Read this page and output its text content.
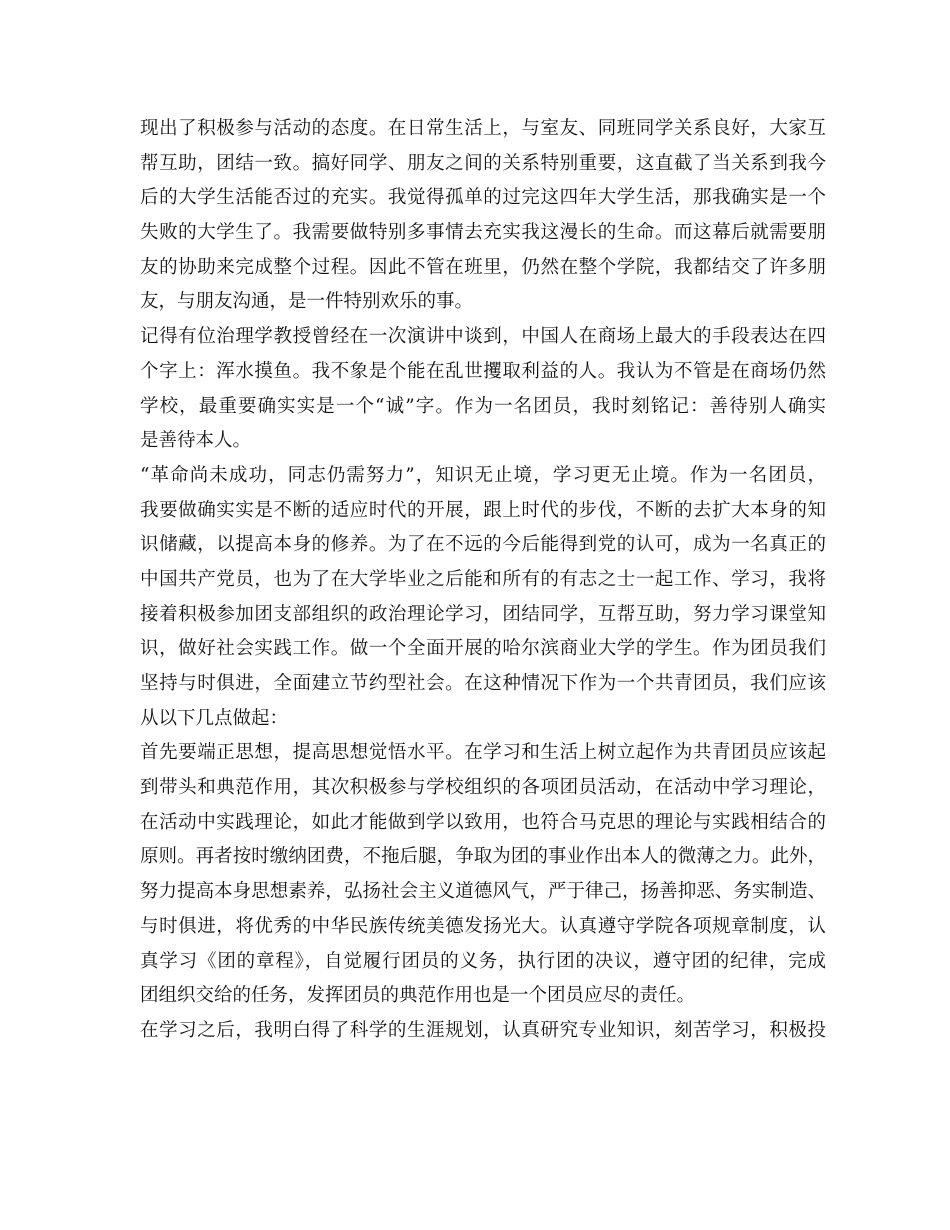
现出了积极参与活动的态度。在日常生活上，与室友、同班同学关系良好，大家互
帮互助，团结一致。搞好同学、朋友之间的关系特别重要，这直截了当关系到我今
后的大学生活能否过的充实。我觉得孤单的过完这四年大学生活，那我确实是一个
失败的大学生了。我需要做特别多事情去充实我这漫长的生命。而这幕后就需要朋
友的协助来完成整个过程。因此不管在班里，仍然在整个学院，我都结交了许多朋
友，与朋友沟通，是一件特别欢乐的事。
记得有位治理学教授曾经在一次演讲中谈到，中国人在商场上最大的手段表达在四
个字上：浑水摸鱼。我不象是个能在乱世攫取利益的人。我认为不管是在商场仍然
学校，最重要确实实是一个“诚”字。作为一名团员，我时刻铭记：善待别人确实
是善待本人。
“革命尚未成功，同志仍需努力”，知识无止境，学习更无止境。作为一名团员，
我要做确实实是不断的适应时代的开展，跟上时代的步伐，不断的去扩大本身的知
识储藏，以提高本身的修养。为了在不远的今后能得到党的认可，成为一名真正的
中国共产党员，也为了在大学毕业之后能和所有的有志之士一起工作、学习，我将
接着积极参加团支部组织的政治理论学习，团结同学，互帮互助，努力学习课堂知
识，做好社会实践工作。做一个全面开展的哈尔滨商业大学的学生。作为团员我们
坚持与时俱进，全面建立节约型社会。在这种情况下作为一个共青团员，我们应该
从以下几点做起：
首先要端正思想，提高思想觉悟水平。在学习和生活上树立起作为共青团员应该起
到带头和典范作用，其次积极参与学校组织的各项团员活动，在活动中学习理论，
在活动中实践理论，如此才能做到学以致用，也符合马克思的理论与实践相结合的
原则。再者按时缴纳团费，不拖后腿，争取为团的事业作出本人的微薄之力。此外，
努力提高本身思想素养，弘扬社会主义道德风气，严于律己，扬善抑恶、务实制造、
与时俱进，将优秀的中华民族传统美德发扬光大。认真遵守学院各项规章制度，认
真学习《团的章程》，自觉履行团员的义务，执行团的决议，遵守团的纪律，完成
团组织交给的任务，发挥团员的典范作用也是一个团员应尽的责任。
在学习之后，我明白得了科学的生涯规划，认真研究专业知识，刻苦学习，积极投
